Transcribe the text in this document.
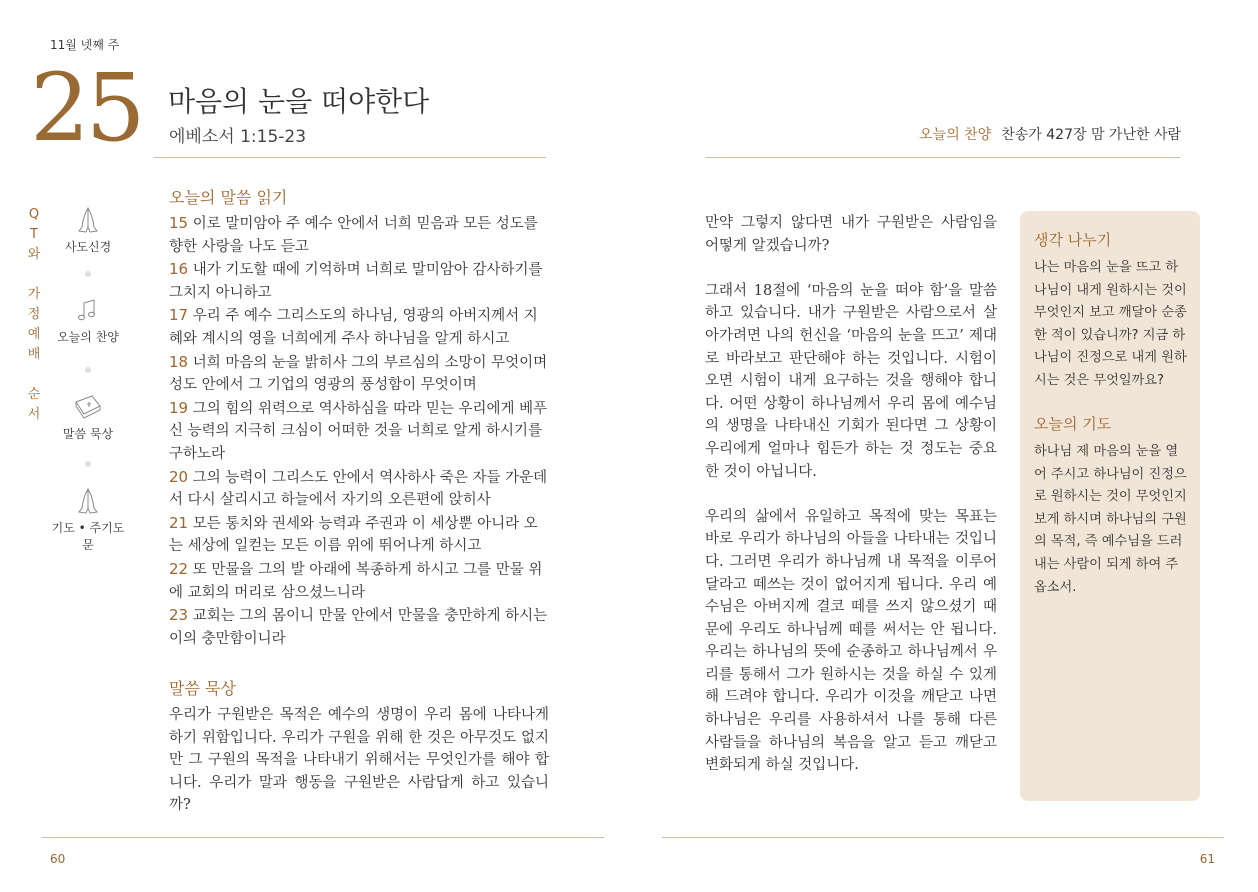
11월 넷째 주
25 마음의 눈을 떠야한다
에베소서 1:15-23	오늘의 찬양 찬송가 427장 맘 가난한 사람
Q
T
와

가
정
예
배

순
서
사도신경
오늘의 찬양
말씀 묵상
기도 • 주기도문
오늘의 말씀 읽기
15 이로 말미암아 주 예수 안에서 너희 믿음과 모든 성도를 향한 사랑을 나도 듣고
16 내가 기도할 때에 기억하며 너희로 말미암아 감사하기를 그치지 아니하고
17 우리 주 예수 그리스도의 하나님, 영광의 아버지께서 지혜와 계시의 영을 너희에게 주사 하나님을 알게 하시고
18 너희 마음의 눈을 밝히사 그의 부르심의 소망이 무엇이며 성도 안에서 그 기업의 영광의 풍성함이 무엇이며
19 그의 힘의 위력으로 역사하심을 따라 믿는 우리에게 베푸신 능력의 지극히 크심이 어떠한 것을 너희로 알게 하시기를 구하노라
20 그의 능력이 그리스도 안에서 역사하사 죽은 자들 가운데서 다시 살리시고 하늘에서 자기의 오른편에 앉히사
21 모든 통치와 권세와 능력과 주권과 이 세상뿐 아니라 오는 세상에 일컫는 모든 이름 위에 뛰어나게 하시고
22 또 만물을 그의 발 아래에 복종하게 하시고 그를 만물 위에 교회의 머리로 삼으셨느니라
23 교회는 그의 몸이니 만물 안에서 만물을 충만하게 하시는 이의 충만함이니라
말씀 묵상
우리가 구원받은 목적은 예수의 생명이 우리 몸에 나타나게 하기 위함입니다. 우리가 구원을 위해 한 것은 아무것도 없지만 그 구원의 목적을 나타내기 위해서는 무엇인가를 해야 합니다. 우리가 말과 행동을 구원받은 사람답게 하고 있습니까?

만약 그렇지 않다면 내가 구원받은 사람임을 어떻게 알겠습니까?

그래서 18절에 ‘마음의 눈을 떠야 함’을 말씀하고 있습니다. 내가 구원받은 사람으로서 살아가려면 나의 헌신을 ‘마음의 눈을 뜨고’ 제대로 바라보고 판단해야 하는 것입니다. 시험이 오면 시험이 내게 요구하는 것을 행해야 합니다. 어떤 상황이 하나님께서 우리 몸에 예수님의 생명을 나타내신 기회가 된다면 그 상황이 우리에게 얼마나 힘든가 하는 것 정도는 중요한 것이 아닙니다.

우리의 삶에서 유일하고 목적에 맞는 목표는 바로 우리가 하나님의 아들을 나타내는 것입니다. 그러면 우리가 하나님께 내 목적을 이루어 달라고 떼쓰는 것이 없어지게 됩니다. 우리 예수님은 아버지께 결코 떼를 쓰지 않으셨기 때문에 우리도 하나님께 떼를 써서는 안 됩니다. 우리는 하나님의 뜻에 순종하고 하나님께서 우리를 통해서 그가 원하시는 것을 하실 수 있게 해 드려야 합니다. 우리가 이것을 깨닫고 나면 하나님은 우리를 사용하셔서 나를 통해 다른 사람들을 하나님의 복음을 알고 듣고 깨닫고 변화되게 하실 것입니다.

생각 나누기
나는 마음의 눈을 뜨고 하나님이 내게 원하시는 것이 무엇인지 보고 깨달아 순종한 적이 있습니까? 지금 하나님이 진정으로 내게 원하시는 것은 무엇일까요?
오늘의 기도
하나님 제 마음의 눈을 열어 주시고 하나님이 진정으로 원하시는 것이 무엇인지 보게 하시며 하나님의 구원의 목적, 즉 예수님을 드러내는 사람이 되게 하여 주옵소서.
60	61
